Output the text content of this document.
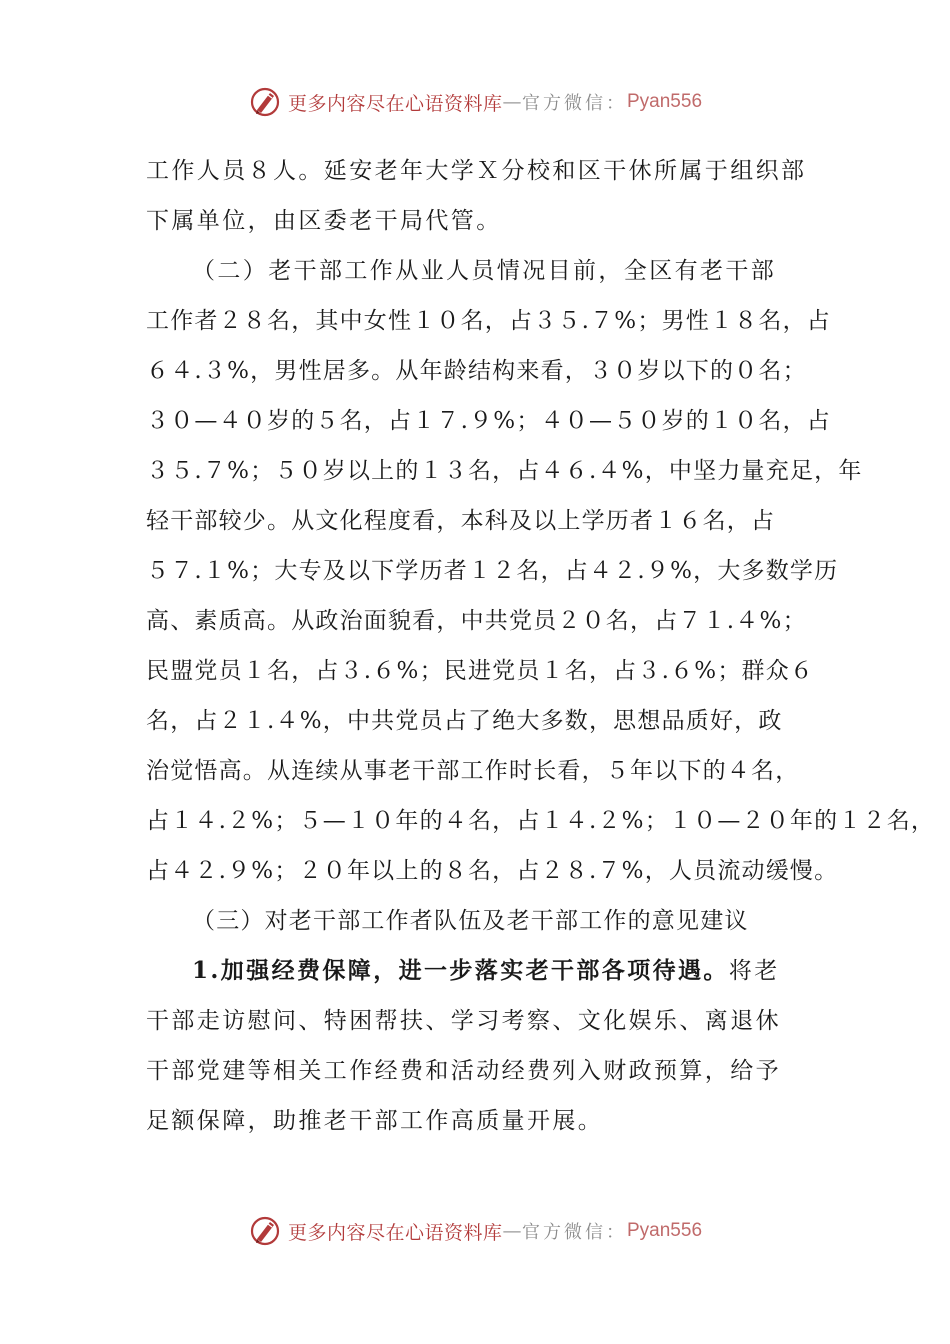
更多内容尽在心语资料库 — 官方微信： Pyan556
工作人员８人。延安老年大学Ｘ分校和区干休所属于组织部
下属单位，由区委老干局代管。
（二）老干部工作从业人员情况目前，全区有老干部
工作者２８名，其中女性１０名，占３５.７%；男性１８名，占
６４.３%，男性居多。从年龄结构来看，３０岁以下的０名；
３０—４０岁的５名，占１７.９%；４０—５０岁的１０名，占
３５.７%；５０岁以上的１３名，占４６.４%，中坚力量充足，年
轻干部较少。从文化程度看，本科及以上学历者１６名，占
５７.１%；大专及以下学历者１２名，占４２.９%，大多数学历
高、素质高。从政治面貌看，中共党员２０名，占７１.４%；
民盟党员１名，占３.６%；民进党员１名，占３.６%；群众６
名，占２１.４%，中共党员占了绝大多数，思想品质好，政
治觉悟高。从连续从事老干部工作时长看，５年以下的４名，
占１４.２%；５—１０年的４名，占１４.２%；１０—２０年的１２名，
占４２.９%；２０年以上的８名，占２８.７%，人员流动缓慢。
（三）对老干部工作者队伍及老干部工作的意见建议
1.加强经费保障，进一步落实老干部各项待遇。将老
干部走访慰问、特困帮扶、学习考察、文化娱乐、离退休
干部党建等相关工作经费和活动经费列入财政预算，给予
足额保障，助推老干部工作高质量开展。
更多内容尽在心语资料库 — 官方微信： Pyan556
